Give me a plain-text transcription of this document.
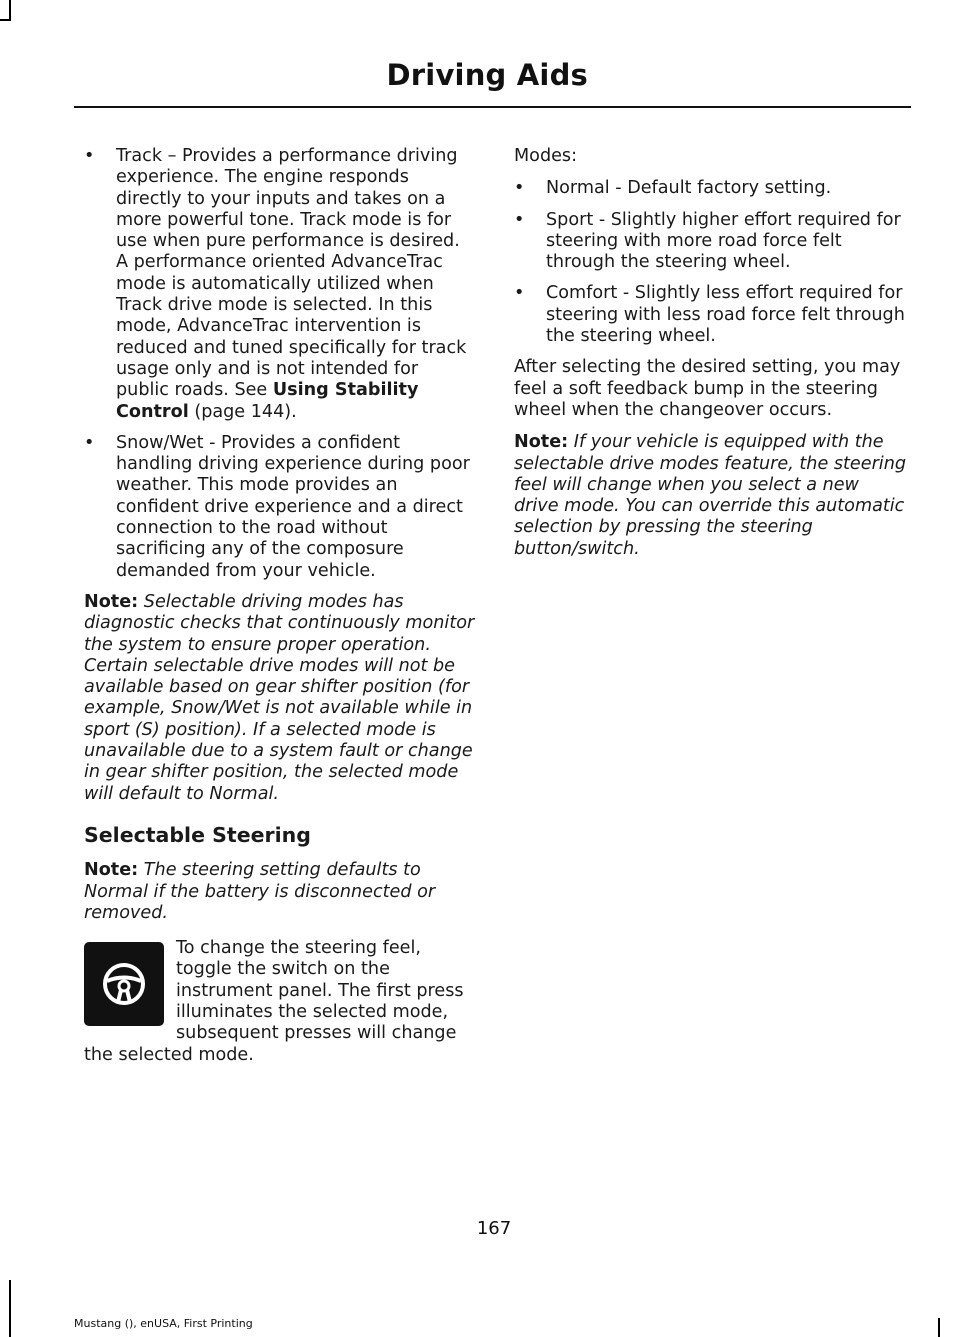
Driving Aids
• Track – Provides a performance driving experience. The engine responds directly to your inputs and takes on a more powerful tone. Track mode is for use when pure performance is desired. A performance oriented AdvanceTrac mode is automatically utilized when Track drive mode is selected. In this mode, AdvanceTrac intervention is reduced and tuned specifically for track usage only and is not intended for public roads. See Using Stability Control (page 144).
• Snow/Wet - Provides a confident handling driving experience during poor weather. This mode provides an confident drive experience and a direct connection to the road without sacrificing any of the composure demanded from your vehicle.

Note: Selectable driving modes has diagnostic checks that continuously monitor the system to ensure proper operation. Certain selectable drive modes will not be available based on gear shifter position (for example, Snow/Wet is not available while in sport (S) position). If a selected mode is unavailable due to a system fault or change in gear shifter position, the selected mode will default to Normal.

Selectable Steering

Note: The steering setting defaults to Normal if the battery is disconnected or removed.

To change the steering feel, toggle the switch on the instrument panel. The first press illuminates the selected mode, subsequent presses will change the selected mode.

Modes:

• Normal - Default factory setting.
• Sport - Slightly higher effort required for steering with more road force felt through the steering wheel.
• Comfort - Slightly less effort required for steering with less road force felt through the steering wheel.

After selecting the desired setting, you may feel a soft feedback bump in the steering wheel when the changeover occurs.

Note: If your vehicle is equipped with the selectable drive modes feature, the steering feel will change when you select a new drive mode. You can override this automatic selection by pressing the steering button/switch.

167
Mustang (), enUSA, First Printing
